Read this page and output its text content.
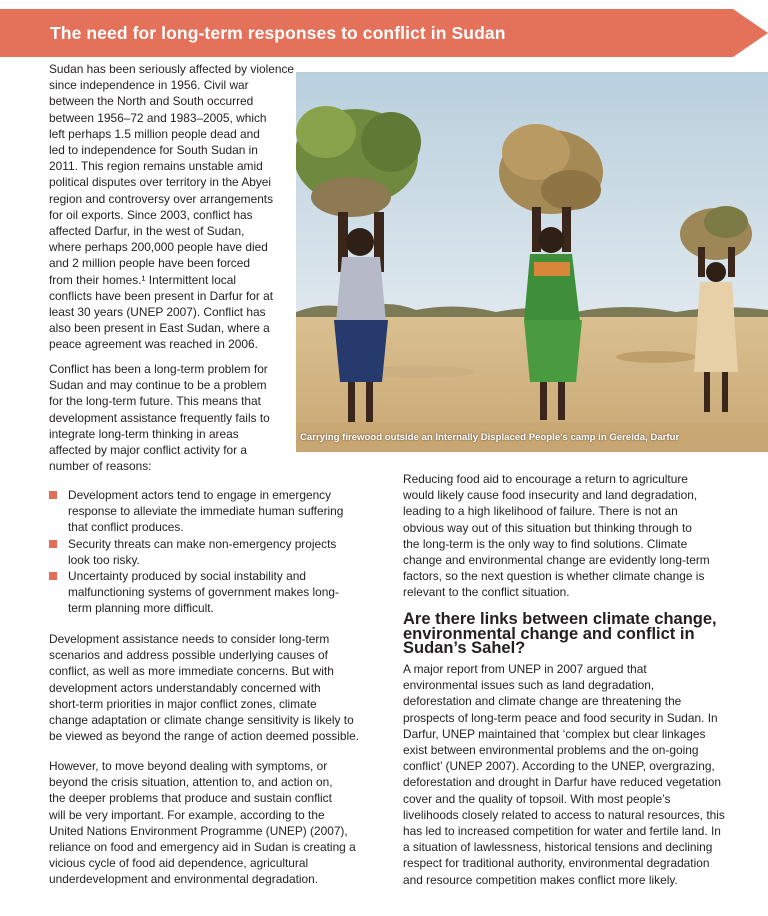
The need for long-term responses to conflict in Sudan
Sudan has been seriously affected by violence
since independence in 1956. Civil war
between the North and South occurred
between 1956–72 and 1983–2005, which
left perhaps 1.5 million people dead and
led to independence for South Sudan in
2011. This region remains unstable amid
political disputes over territory in the Abyei
region and controversy over arrangements
for oil exports. Since 2003, conflict has
affected Darfur, in the west of Sudan,
where perhaps 200,000 people have died
and 2 million people have been forced
from their homes.¹ Intermittent local
conflicts have been present in Darfur for at
least 30 years (UNEP 2007). Conflict has
also been present in East Sudan, where a
peace agreement was reached in 2006.
Conflict has been a long-term problem for
Sudan and may continue to be a problem
for the long-term future. This means that
development assistance frequently fails to
integrate long-term thinking in areas
affected by major conflict activity for a
number of reasons:
Carrying firewood outside an Internally Displaced People's camp in Gereida, Darfur
Development actors tend to engage in emergency
response to alleviate the immediate human suffering
that conflict produces.
Security threats can make non-emergency projects
look too risky.
Uncertainty produced by social instability and
malfunctioning systems of government makes long-
term planning more difficult.
Development assistance needs to consider long-term
scenarios and address possible underlying causes of
conflict, as well as more immediate concerns. But with
development actors understandably concerned with
short-term priorities in major conflict zones, climate
change adaptation or climate change sensitivity is likely to
be viewed as beyond the range of action deemed possible.
However, to move beyond dealing with symptoms, or
beyond the crisis situation, attention to, and action on,
the deeper problems that produce and sustain conflict
will be very important. For example, according to the
United Nations Environment Programme (UNEP) (2007),
reliance on food and emergency aid in Sudan is creating a
vicious cycle of food aid dependence, agricultural
underdevelopment and environmental degradation.
Reducing food aid to encourage a return to agriculture
would likely cause food insecurity and land degradation,
leading to a high likelihood of failure. There is not an
obvious way out of this situation but thinking through to
the long-term is the only way to find solutions. Climate
change and environmental change are evidently long-term
factors, so the next question is whether climate change is
relevant to the conflict situation.
Are there links between climate change,
environmental change and conflict in
Sudan’s Sahel?
A major report from UNEP in 2007 argued that
environmental issues such as land degradation,
deforestation and climate change are threatening the
prospects of long-term peace and food security in Sudan. In
Darfur, UNEP maintained that ‘complex but clear linkages
exist between environmental problems and the on-going
conflict’ (UNEP 2007). According to the UNEP, overgrazing,
deforestation and drought in Darfur have reduced vegetation
cover and the quality of topsoil. With most people’s
livelihoods closely related to access to natural resources, this
has led to increased competition for water and fertile land. In
a situation of lawlessness, historical tensions and declining
respect for traditional authority, environmental degradation
and resource competition makes conflict more likely.
